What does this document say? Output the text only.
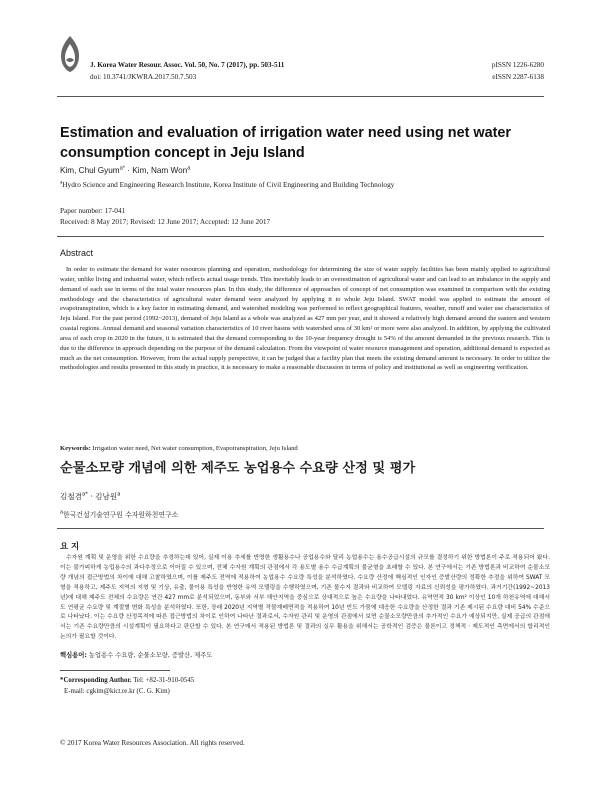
J. Korea Water Resour. Assoc. Vol. 50, No. 7 (2017), pp. 503-511
doi: 10.3741/JKWRA.2017.50.7.503
pISSN 1226-6280
eISSN 2287-6138
Estimation and evaluation of irrigation water need using net water consumption concept in Jeju Island
Kim, Chul Gyum$^{a*}$ · Kim, Nam Won$^a$
$^a$Hydro Science and Engineering Research Institute, Korea Institute of Civil Engineering and Building Technology
Paper number: 17-041
Received: 8 May 2017; Revised: 12 June 2017; Accepted: 12 June 2017
Abstract
In order to estimate the demand for water resources planning and operation, methodology for determining the size of water supply facilities has been mainly applied to agricultural water, unlike living and industrial water, which reflects actual usage trends. This inevitably leads to an overestimation of agricultural water and can lead to an imbalance in the supply and demand of each use in terms of the total water resources plan. In this study, the difference of approaches of concept of net consumption was examined in comparison with the existing methodology and the characteristics of agricultural water demand were analyzed by applying it to whole Jeju Island. SWAT model was applied to estimate the amount of evapotranspiration, which is a key factor in estimating demand, and watershed modeling was performed to reflect geographical features, weather, runoff and water use characteristics of Jeju Island. For the past period (1992~2013), demand of Jeju Island as a whole was analyzed as 427 mm per year, and it showed a relatively high demand around the eastern and western coastal regions. Annual demand and seasonal variation characteristics of 10 river basins with watershed area of 30 km² or more were also analyzed. In addition, by applying the cultivated area of each crop in 2020 in the future, it is estimated that the demand corresponding to the 10-year frequency drought is 54% of the amount demanded in the previous research. This is due to the difference in approach depending on the purpose of the demand calculation. From the viewpoint of water resource management and operation, additional demand is expected as much as the net consumption. However, from the actual supply perspective, it can be judged that a facility plan that meets the existing demand amount is necessary. In order to utilize the methodologies and results presented in this study in practice, it is necessary to make a reasonable discussion in terms of policy and institutional as well as engineering verification.
Keywords: Irrigation water need, Net water consumption, Evapotranspiration, Jeju Island
순물소모량 개념에 의한 제주도 농업용수 수요량 산정 및 평가
김철겸$^{a*}$ · 김남원$^a$
$^a$한국건설기술연구원 수자원하천연구소
요 지
수자원 계획 및 운영을 위한 수요량을 추정하는데 있어, 실제 이용 추세를 반영한 생활용수나 공업용수와 달리 농업용수는 용수공급시설의 규모를 결정하기 위한 방법론이 주로 적용되어 왔다. 이는 불가피하게 농업용수의 과다추정으로 이어질 수 있으며, 전체 수자원 계획의 관점에서 각 용도별 용수 수급계획의 불균형을 초래할 수 있다. 본 연구에서는 기존 방법론과 비교하여 순물소모량 개념의 접근방법의 차이에 대해 고찰하였으며, 이를 제주도 전역에 적용하여 농업용수 수요량 특성을 분석하였다. 수요량 산정에 핵심적인 인자인 증발산량의 정확한 추정을 위하여 SWAT 모형을 적용하고, 제주도 지역의 지형 및 기상, 유출, 물이용 특성을 반영한 유역 모델링을 수행하였으며, 기존 물수지 결과와 비교하여 모델링 자료의 신뢰성을 평가하였다. 과거기간(1992~2013년)에 대해 제주도 전체의 수요량은 연간 427 mm로 분석되었으며, 동부와 서부 해안지역을 중심으로 상대적으로 높은 수요량을 나타내었다. 유역면적 30 km² 이상인 10개 하천유역에 대해서도 연평균 수요량 및 계절별 변화 특성을 분석하였다. 또한, 장래 2020년 지역별 작물재배면적을 적용하여 10년 빈도 가뭄에 대응한 수요량을 산정한 결과 기존 제시된 수요량 대비 54% 수준으로 나타났다. 이는 수요량 산정목적에 따른 접근방법의 차이로 인하여 나타난 결과로서, 수자원 관리 및 운영의 관점에서 보면 순물소모량만큼의 추가적인 수요가 예상되지만, 실제 공급의 관점에서는 기존 수요량만큼의 시설계획이 필요하다고 판단할 수 있다. 본 연구에서 적용된 방법론 및 결과의 실무 활용을 위해서는 공학적인 검증은 물론이고 정책적 · 제도적인 측면에서의 합리적인 논의가 필요할 것이다.
핵심용어: 농업용수 수요량, 순물소모량, 증발산, 제주도
*Corresponding Author. Tel: +82-31-910-0545
E-mail: cgkim@kict.re.kr (C. G. Kim)
© 2017 Korea Water Resources Association. All rights reserved.
